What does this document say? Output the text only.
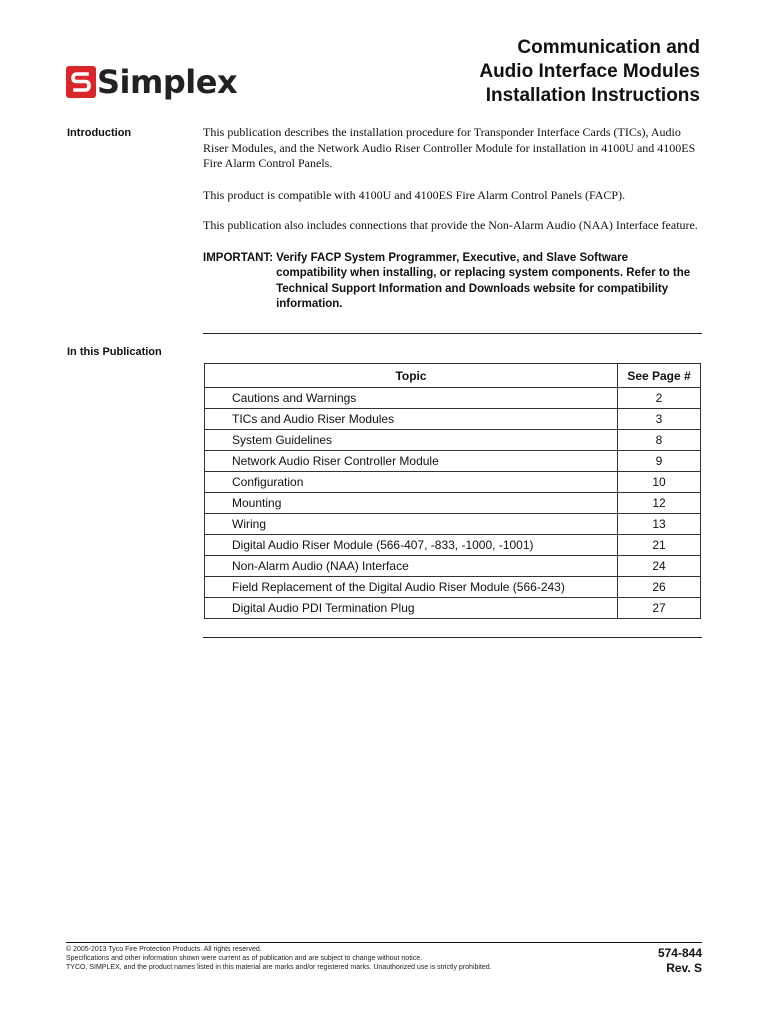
Simplex
Communication and
Audio Interface Modules
Installation Instructions
Introduction	This publication describes the installation procedure for Transponder Interface Cards (TICs), Audio Riser Modules, and the Network Audio Riser Controller Module for installation in 4100U and 4100ES Fire Alarm Control Panels.

This product is compatible with 4100U and 4100ES Fire Alarm Control Panels (FACP).

This publication also includes connections that provide the Non-Alarm Audio (NAA) Interface feature.

IMPORTANT: Verify FACP System Programmer, Executive, and Slave Software compatibility when installing, or replacing system components. Refer to the Technical Support Information and Downloads website for compatibility information.
In this Publication
Topic	See Page #
Cautions and Warnings	2
TICs and Audio Riser Modules	3
System Guidelines	8
Network Audio Riser Controller Module	9
Configuration	10
Mounting	12
Wiring	13
Digital Audio Riser Module (566-407, -833, -1000, -1001)	21
Non-Alarm Audio (NAA) Interface	24
Field Replacement of the Digital Audio Riser Module (566-243)	26
Digital Audio PDI Termination Plug	27
© 2005-2013 Tyco Fire Protection Products. All rights reserved.
Specifications and other information shown were current as of publication and are subject to change without notice.
TYCO, SIMPLEX, and the product names listed in this material are marks and/or registered marks. Unauthorized use is strictly prohibited.
574-844
Rev. S
